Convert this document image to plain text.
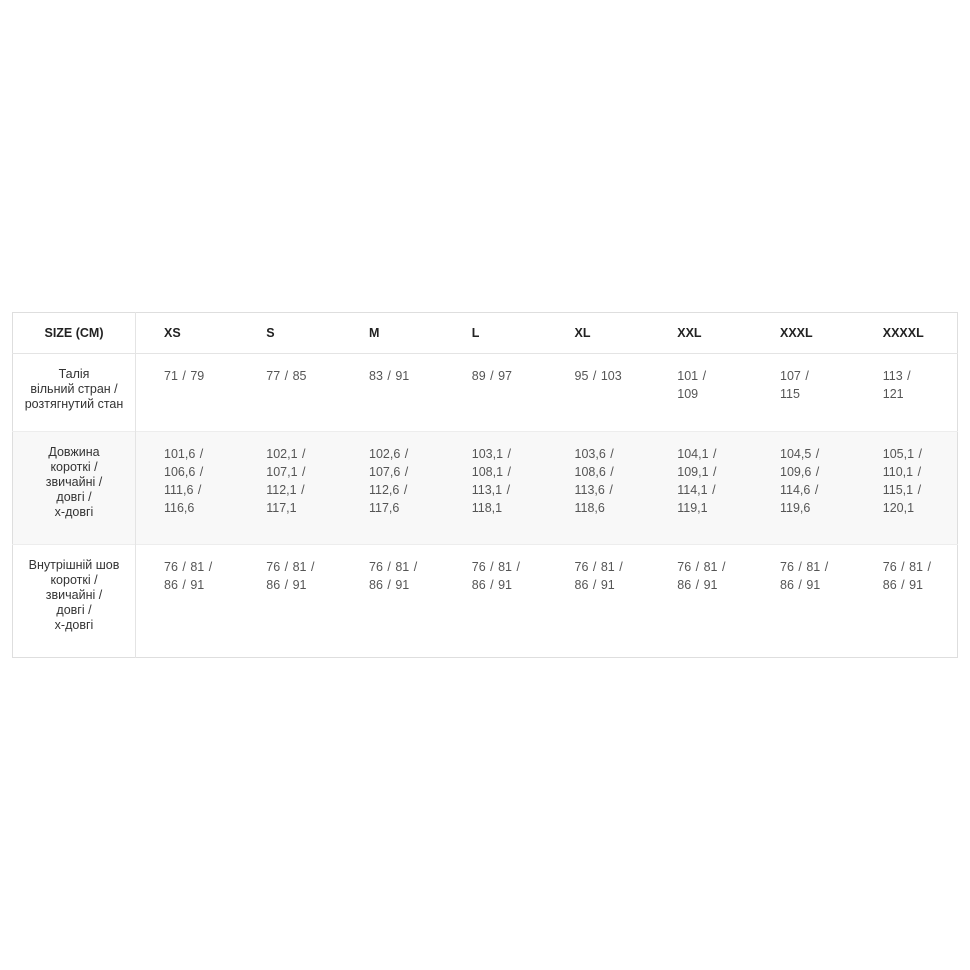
SIZE (CM)	XS	S	M	L	XL	XXL	XXXL	XXXXL
Талія
вільний стран /
розтягнутий стан	71 / 79	77 / 85	83 / 91	89 / 97	95 / 103	101 / 109	107 / 115	113 / 121
Довжина
короткі /
звичайні /
довгі /
х-довгі	101,6 / 106,6 / 111,6 / 116,6	102,1 / 107,1 / 112,1 / 117,1	102,6 / 107,6 / 112,6 / 117,6	103,1 / 108,1 / 113,1 / 118,1	103,6 / 108,6 / 113,6 / 118,6	104,1 / 109,1 / 114,1 / 119,1	104,5 / 109,6 / 114,6 / 119,6	105,1 / 110,1 / 115,1 / 120,1
Внутрішній шов
короткі /
звичайні /
довгі /
х-довгі	76 / 81 / 86 / 91	76 / 81 / 86 / 91	76 / 81 / 86 / 91	76 / 81 / 86 / 91	76 / 81 / 86 / 91	76 / 81 / 86 / 91	76 / 81 / 86 / 91	76 / 81 / 86 / 91
